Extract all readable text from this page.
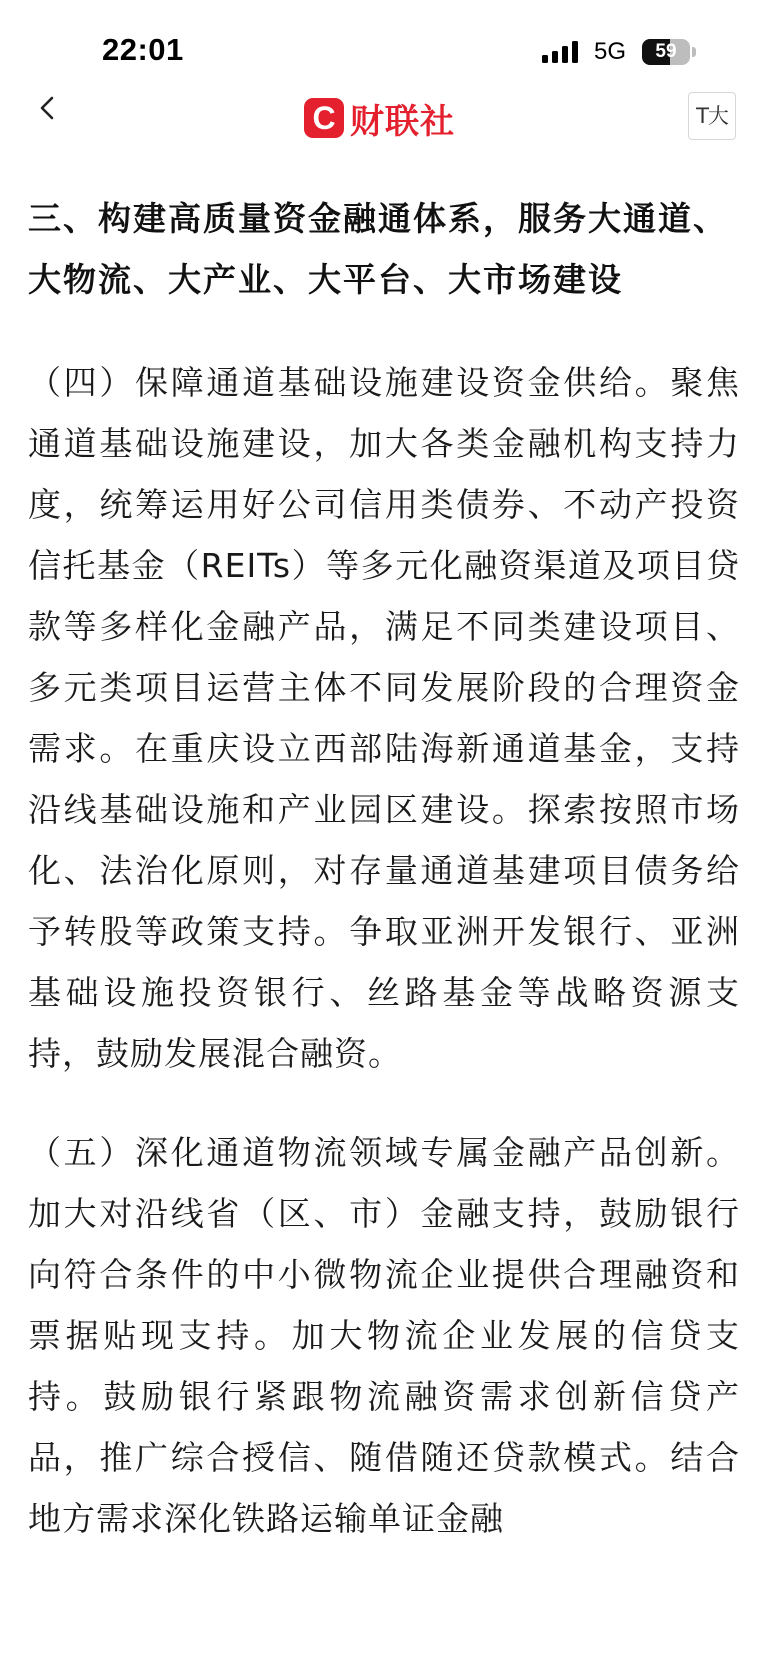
22:01	5G	59
C 财联社	T大
三、构建高质量资金融通体系，服务大通道、大物流、大产业、大平台、大市场建设

（四）保障通道基础设施建设资金供给。聚焦通道基础设施建设，加大各类金融机构支持力度，统筹运用好公司信用类债券、不动产投资信托基金（REITs）等多元化融资渠道及项目贷款等多样化金融产品，满足不同类建设项目、多元类项目运营主体不同发展阶段的合理资金需求。在重庆设立西部陆海新通道基金，支持沿线基础设施和产业园区建设。探索按照市场化、法治化原则，对存量通道基建项目债务给予转股等政策支持。争取亚洲开发银行、亚洲基础设施投资银行、丝路基金等战略资源支持，鼓励发展混合融资。

（五）深化通道物流领域专属金融产品创新。加大对沿线省（区、市）金融支持，鼓励银行向符合条件的中小微物流企业提供合理融资和票据贴现支持。加大物流企业发展的信贷支持。鼓励银行紧跟物流融资需求创新信贷产品，推广综合授信、随借随还贷款模式。结合地方需求深化铁路运输单证金融
